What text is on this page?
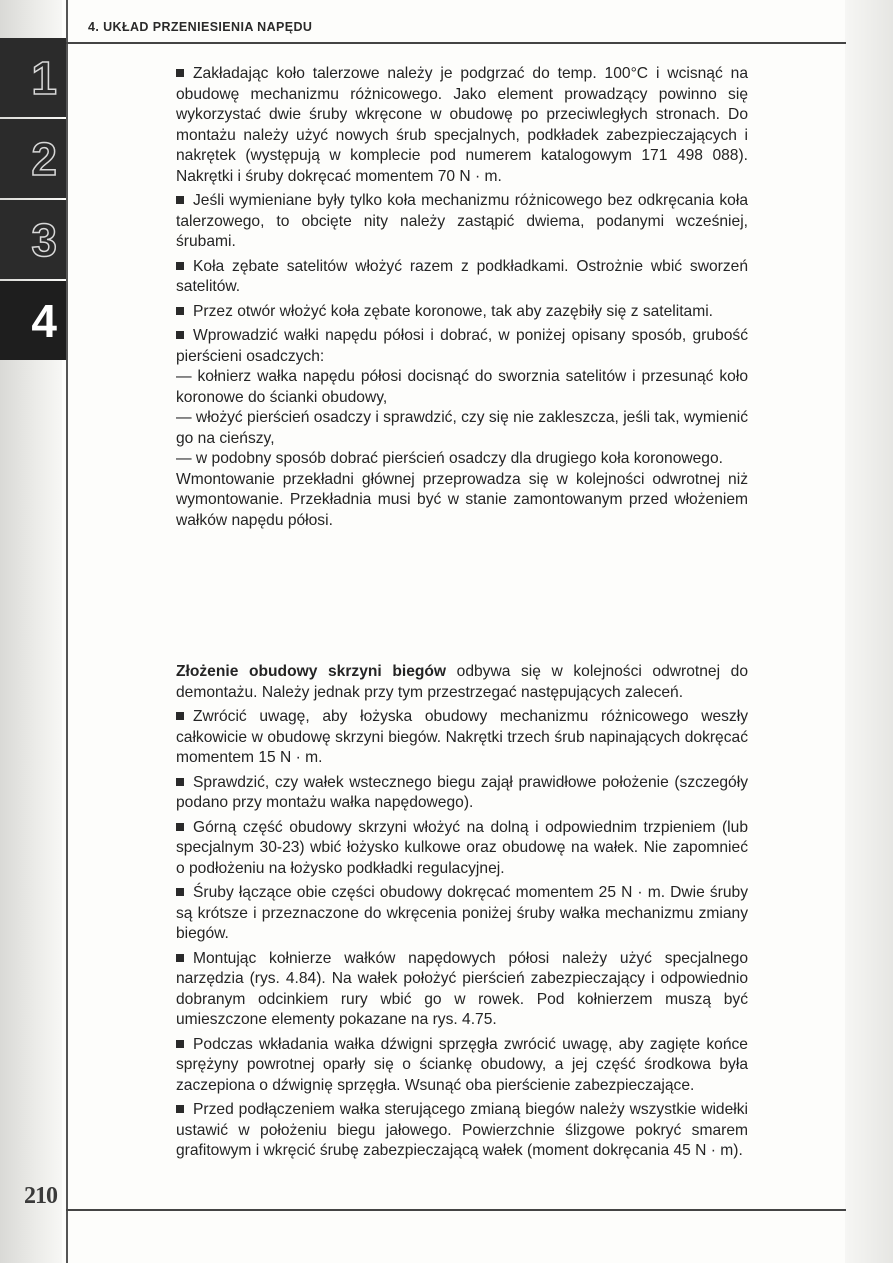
4. UKŁAD PRZENIESIENIA NAPĘDU
1
2
3
4

Zakładając koło talerzowe należy je podgrzać do temp. 100°C i wcisnąć na obudowę mechanizmu różnicowego. Jako element prowadzący powinno się wykorzystać dwie śruby wkręcone w obudowę po przeciwległych stronach. Do montażu należy użyć nowych śrub specjalnych, podkładek zabezpieczających i nakrętek (występują w komplecie pod numerem katalogowym 171 498 088). Nakrętki i śruby dokręcać momentem 70 N · m.

Jeśli wymieniane były tylko koła mechanizmu różnicowego bez odkręcania koła talerzowego, to obcięte nity należy zastąpić dwiema, podanymi wcześniej, śrubami.

Koła zębate satelitów włożyć razem z podkładkami. Ostrożnie wbić sworzeń satelitów.

Przez otwór włożyć koła zębate koronowe, tak aby zazębiły się z satelitami.

Wprowadzić wałki napędu półosi i dobrać, w poniżej opisany sposób, grubość pierścieni osadczych:

— kołnierz wałka napędu półosi docisnąć do sworznia satelitów i przesunąć koło koronowe do ścianki obudowy,
— włożyć pierścień osadczy i sprawdzić, czy się nie zakleszcza, jeśli tak, wymienić go na cieńszy,
— w podobny sposób dobrać pierścień osadczy dla drugiego koła koronowego.

Wmontowanie przekładni głównej przeprowadza się w kolejności odwrotnej niż wymontowanie. Przekładnia musi być w stanie zamontowanym przed włożeniem wałków napędu półosi.

Złożenie obudowy skrzyni biegów odbywa się w kolejności odwrotnej do demontażu. Należy jednak przy tym przestrzegać następujących zaleceń.

Zwrócić uwagę, aby łożyska obudowy mechanizmu różnicowego weszły całkowicie w obudowę skrzyni biegów. Nakrętki trzech śrub napinających dokręcać momentem 15 N · m.

Sprawdzić, czy wałek wstecznego biegu zajął prawidłowe położenie (szczegóły podano przy montażu wałka napędowego).

Górną część obudowy skrzyni włożyć na dolną i odpowiednim trzpieniem (lub specjalnym 30-23) wbić łożysko kulkowe oraz obudowę na wałek. Nie zapomnieć o podłożeniu na łożysko podkładki regulacyjnej.

Śruby łączące obie części obudowy dokręcać momentem 25 N · m. Dwie śruby są krótsze i przeznaczone do wkręcenia poniżej śruby wałka mechanizmu zmiany biegów.

Montując kołnierze wałków napędowych półosi należy użyć specjalnego narzędzia (rys. 4.84). Na wałek położyć pierścień zabezpieczający i odpowiednio dobranym odcinkiem rury wbić go w rowek. Pod kołnierzem muszą być umieszczone elementy pokazane na rys. 4.75.

Podczas wkładania wałka dźwigni sprzęgła zwrócić uwagę, aby zagięte końce sprężyny powrotnej oparły się o ściankę obudowy, a jej część środkowa była zaczepiona o dźwignię sprzęgła. Wsunąć oba pierścienie zabezpieczające.

Przed podłączeniem wałka sterującego zmianą biegów należy wszystkie widełki ustawić w położeniu biegu jałowego. Powierzchnie ślizgowe pokryć smarem grafitowym i wkręcić śrubę zabezpieczającą wałek (moment dokręcania 45 N · m).

210
